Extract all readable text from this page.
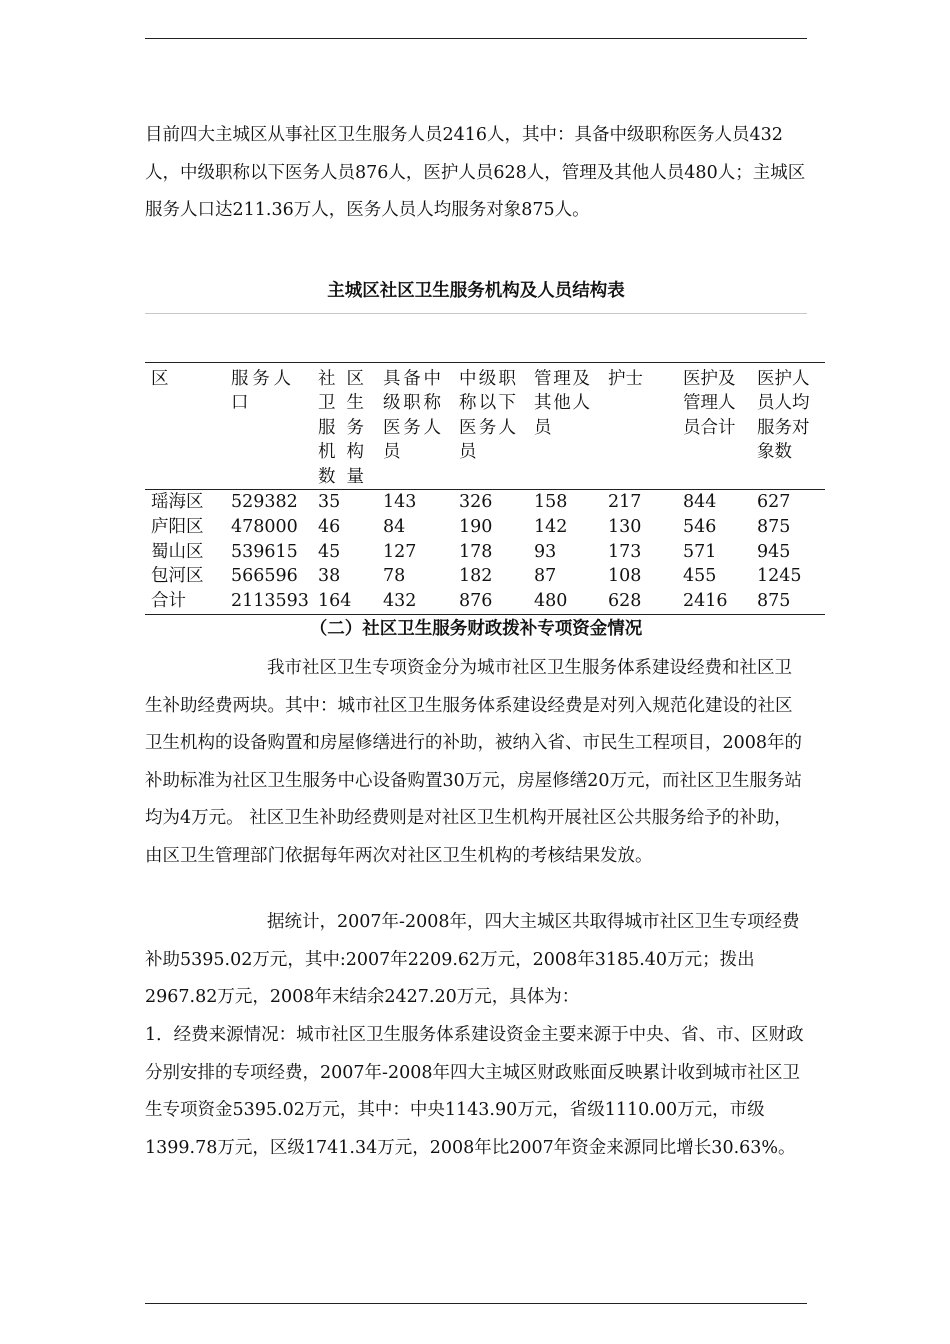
目前四大主城区从事社区卫生服务人员2416人，其中：具备中级职称医务人员432人，中级职称以下医务人员876人，医护人员628人，管理及其他人员480人；主城区服务人口达211.36万人，医务人员人均服务对象875人。

主城区社区卫生服务机构及人员结构表
区	服务人口	社区卫生服务机构数量	具备中级职称医务人员	中级职称以下医务人员	管理及其他人员	护士	医护及管理人员合计	医护人员人均服务对象数

瑶海区	529382	35	143	326	158	217	844	627
庐阳区	478000	46	84	190	142	130	546	875
蜀山区	539615	45	127	178	93	173	571	945
包河区	566596	38	78	182	87	108	455	1245
合计	2113593	164	432	876	480	628	2416	875
（二）社区卫生服务财政拨补专项资金情况

我市社区卫生专项资金分为城市社区卫生服务体系建设经费和社区卫生补助经费两块。其中：城市社区卫生服务体系建设经费是对列入规范化建设的社区卫生机构的设备购置和房屋修缮进行的补助，被纳入省、市民生工程项目，2008年的补助标准为社区卫生服务中心设备购置30万元，房屋修缮20万元，而社区卫生服务站均为4万元。 社区卫生补助经费则是对社区卫生机构开展社区公共服务给予的补助，由区卫生管理部门依据每年两次对社区卫生机构的考核结果发放。

据统计，2007年-2008年，四大主城区共取得城市社区卫生专项经费补助5395.02万元，其中:2007年2209.62万元，2008年3185.40万元；拨出2967.82万元，2008年末结余2427.20万元，具体为：

1．经费来源情况：城市社区卫生服务体系建设资金主要来源于中央、省、市、区财政分别安排的专项经费，2007年-2008年四大主城区财政账面反映累计收到城市社区卫生专项资金5395.02万元，其中：中央1143.90万元，省级1110.00万元，市级1399.78万元，区级1741.34万元，2008年比2007年资金来源同比增长30.63%。
